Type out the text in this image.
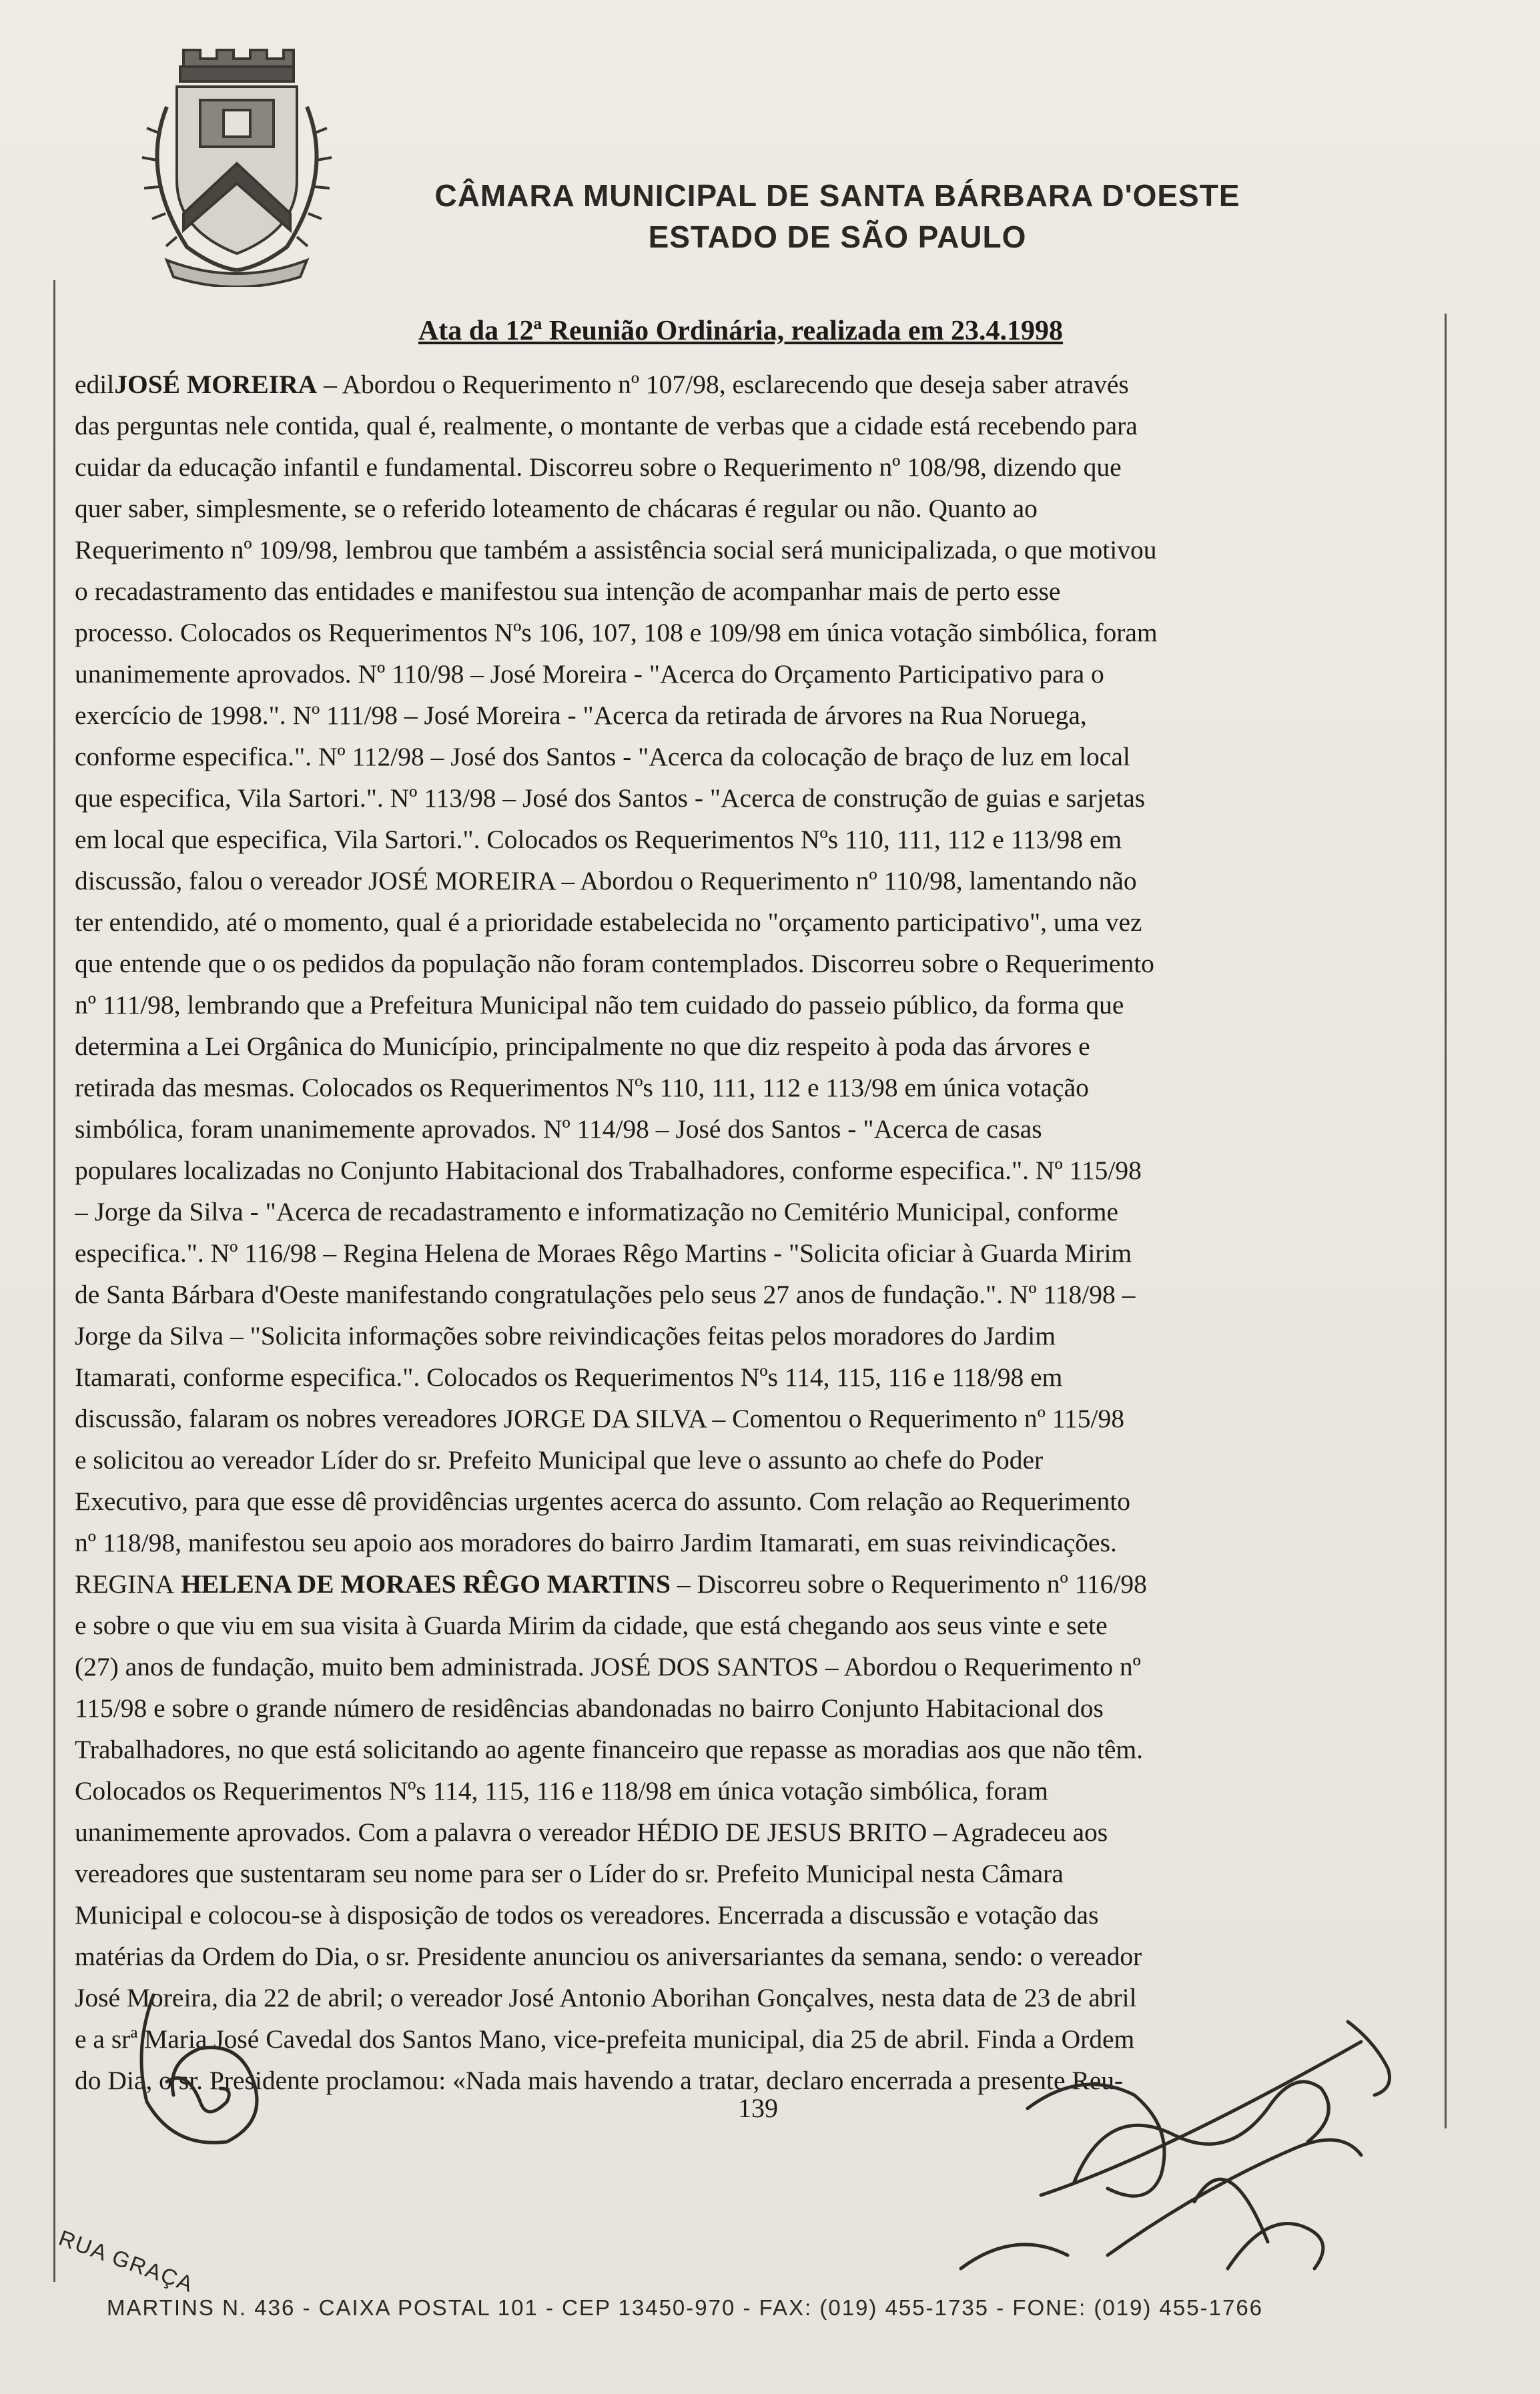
CÂMARA MUNICIPAL DE SANTA BÁRBARA D'OESTE
ESTADO DE SÃO PAULO
Ata da 12ª Reunião Ordinária, realizada em 23.4.1998
edilJOSÉ MOREIRA – Abordou o Requerimento nº 107/98, esclarecendo que deseja saber através
das perguntas nele contida, qual é, realmente, o montante de verbas que a cidade está recebendo para
cuidar da educação infantil e fundamental. Discorreu sobre o Requerimento nº 108/98, dizendo que
quer saber, simplesmente, se o referido loteamento de chácaras é regular ou não. Quanto ao
Requerimento nº 109/98, lembrou que também a assistência social será municipalizada, o que motivou
o recadastramento das entidades e manifestou sua intenção de acompanhar mais de perto esse
processo. Colocados os Requerimentos Nºs 106, 107, 108 e 109/98 em única votação simbólica, foram
unanimemente aprovados. Nº 110/98 – José Moreira - "Acerca do Orçamento Participativo para o
exercício de 1998.". Nº 111/98 – José Moreira - "Acerca da retirada de árvores na Rua Noruega,
conforme especifica.". Nº 112/98 – José dos Santos - "Acerca da colocação de braço de luz em local
que especifica, Vila Sartori.". Nº 113/98 – José dos Santos - "Acerca de construção de guias e sarjetas
em local que especifica, Vila Sartori.". Colocados os Requerimentos Nºs 110, 111, 112 e 113/98 em
discussão, falou o vereador JOSÉ MOREIRA – Abordou o Requerimento nº 110/98, lamentando não
ter entendido, até o momento, qual é a prioridade estabelecida no "orçamento participativo", uma vez
que entende que o os pedidos da população não foram contemplados. Discorreu sobre o Requerimento
nº 111/98, lembrando que a Prefeitura Municipal não tem cuidado do passeio público, da forma que
determina a Lei Orgânica do Município, principalmente no que diz respeito à poda das árvores e
retirada das mesmas. Colocados os Requerimentos Nºs 110, 111, 112 e 113/98 em única votação
simbólica, foram unanimemente aprovados. Nº 114/98 – José dos Santos - "Acerca de casas
populares localizadas no Conjunto Habitacional dos Trabalhadores, conforme especifica.". Nº 115/98
– Jorge da Silva - "Acerca de recadastramento e informatização no Cemitério Municipal, conforme
especifica.". Nº 116/98 – Regina Helena de Moraes Rêgo Martins - "Solicita oficiar à Guarda Mirim
de Santa Bárbara d'Oeste manifestando congratulações pelo seus 27 anos de fundação.". Nº 118/98 –
Jorge da Silva – "Solicita informações sobre reivindicações feitas pelos moradores do Jardim
Itamarati, conforme especifica.". Colocados os Requerimentos Nºs 114, 115, 116 e 118/98 em
discussão, falaram os nobres vereadores JORGE DA SILVA – Comentou o Requerimento nº 115/98
e solicitou ao vereador Líder do sr. Prefeito Municipal que leve o assunto ao chefe do Poder
Executivo, para que esse dê providências urgentes acerca do assunto. Com relação ao Requerimento
nº 118/98, manifestou seu apoio aos moradores do bairro Jardim Itamarati, em suas reivindicações.
REGINA HELENA DE MORAES RÊGO MARTINS – Discorreu sobre o Requerimento nº 116/98
e sobre o que viu em sua visita à Guarda Mirim da cidade, que está chegando aos seus vinte e sete
(27) anos de fundação, muito bem administrada. JOSÉ DOS SANTOS – Abordou o Requerimento nº
115/98 e sobre o grande número de residências abandonadas no bairro Conjunto Habitacional dos
Trabalhadores, no que está solicitando ao agente financeiro que repasse as moradias aos que não têm.
Colocados os Requerimentos Nºs 114, 115, 116 e 118/98 em única votação simbólica, foram
unanimemente aprovados. Com a palavra o vereador HÉDIO DE JESUS BRITO – Agradeceu aos
vereadores que sustentaram seu nome para ser o Líder do sr. Prefeito Municipal nesta Câmara
Municipal e colocou-se à disposição de todos os vereadores. Encerrada a discussão e votação das
matérias da Ordem do Dia, o sr. Presidente anunciou os aniversariantes da semana, sendo: o vereador
José Moreira, dia 22 de abril; o vereador José Antonio Aborihan Gonçalves, nesta data de 23 de abril
e a srª Maria José Cavedal dos Santos Mano, vice-prefeita municipal, dia 25 de abril. Finda a Ordem
do Dia, o sr. Presidente proclamou: «Nada mais havendo a tratar, declaro encerrada a presente Reu-
139
RUA GRAÇA
MARTINS N. 436 - CAIXA POSTAL 101 - CEP 13450-970 - FAX: (019) 455-1735 - FONE: (019) 455-1766
